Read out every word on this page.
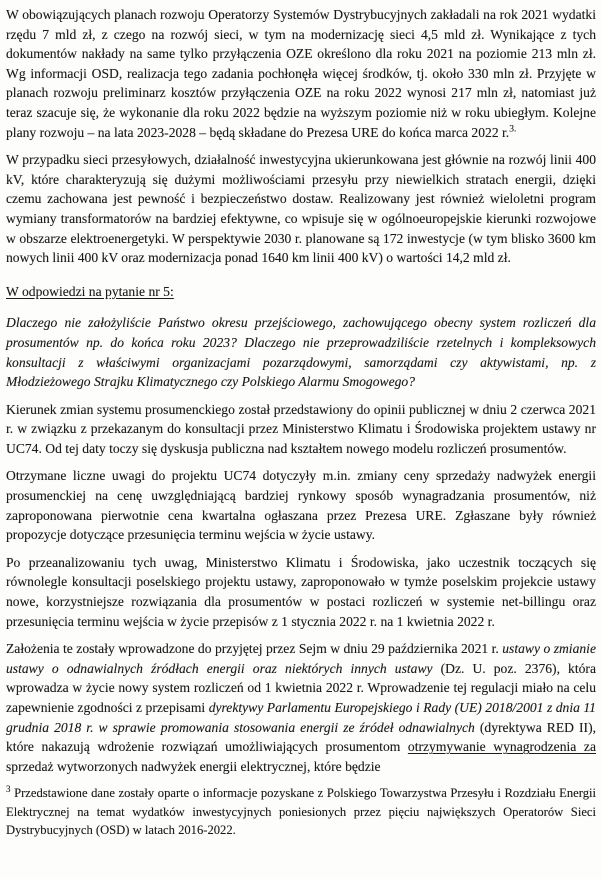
W obowiązujących planach rozwoju Operatorzy Systemów Dystrybucyjnych zakładali na rok 2021 wydatki rzędu 7 mld zł, z czego na rozwój sieci, w tym na modernizację sieci 4,5 mld zł. Wynikające z tych dokumentów nakłady na same tylko przyłączenia OZE określono dla roku 2021 na poziomie 213 mln zł. Wg informacji OSD, realizacja tego zadania pochłonęła więcej środków, tj. około 330 mln zł. Przyjęte w planach rozwoju preliminarz kosztów przyłączenia OZE na roku 2022 wynosi 217 mln zł, natomiast już teraz szacuje się, że wykonanie dla roku 2022 będzie na wyższym poziomie niż w roku ubiegłym. Kolejne plany rozwoju – na lata 2023-2028 – będą składane do Prezesa URE do końca marca 2022 r.$^{3.}$

W przypadku sieci przesyłowych, działalność inwestycyjna ukierunkowana jest głównie na rozwój linii 400 kV, które charakteryzują się dużymi możliwościami przesyłu przy niewielkich stratach energii, dzięki czemu zachowana jest pewność i bezpieczeństwo dostaw. Realizowany jest również wieloletni program wymiany transformatorów na bardziej efektywne, co wpisuje się w ogólnoeuropejskie kierunki rozwojowe w obszarze elektroenergetyki. W perspektywie 2030 r. planowane są 172 inwestycje (w tym blisko 3600 km nowych linii 400 kV oraz modernizacja ponad 1640 km linii 400 kV) o wartości 14,2 mld zł.

W odpowiedzi na pytanie nr 5:

Dlaczego nie założyliście Państwo okresu przejściowego, zachowującego obecny system rozliczeń dla prosumentów np. do końca roku 2023? Dlaczego nie przeprowadziliście rzetelnych i kompleksowych konsultacji z właściwymi organizacjami pozarządowymi, samorządami czy aktywistami, np. z Młodzieżowego Strajku Klimatycznego czy Polskiego Alarmu Smogowego?

Kierunek zmian systemu prosumenckiego został przedstawiony do opinii publicznej w dniu 2 czerwca 2021 r. w związku z przekazanym do konsultacji przez Ministerstwo Klimatu i Środowiska projektem ustawy nr UC74. Od tej daty toczy się dyskusja publiczna nad kształtem nowego modelu rozliczeń prosumentów.

Otrzymane liczne uwagi do projektu UC74 dotyczyły m.in. zmiany ceny sprzedaży nadwyżek energii prosumenckiej na cenę uwzględniającą bardziej rynkowy sposób wynagradzania prosumentów, niż zaproponowana pierwotnie cena kwartalna ogłaszana przez Prezesa URE. Zgłaszane były również propozycje dotyczące przesunięcia terminu wejścia w życie ustawy.

Po przeanalizowaniu tych uwag, Ministerstwo Klimatu i Środowiska, jako uczestnik toczących się równolegle konsultacji poselskiego projektu ustawy, zaproponowało w tymże poselskim projekcie ustawy nowe, korzystniejsze rozwiązania dla prosumentów w postaci rozliczeń w systemie net-billingu oraz przesunięcia terminu wejścia w życie przepisów z 1 stycznia 2022 r. na 1 kwietnia 2022 r.

Założenia te zostały wprowadzone do przyjętej przez Sejm w dniu 29 października 2021 r. ustawy o zmianie ustawy o odnawialnych źródłach energii oraz niektórych innych ustawy (Dz. U. poz. 2376), która wprowadza w życie nowy system rozliczeń od 1 kwietnia 2022 r. Wprowadzenie tej regulacji miało na celu zapewnienie zgodności z przepisami dyrektywy Parlamentu Europejskiego i Rady (UE) 2018/2001 z dnia 11 grudnia 2018 r. w sprawie promowania stosowania energii ze źródeł odnawialnych (dyrektywa RED II), które nakazują wdrożenie rozwiązań umożliwiających prosumentom otrzymywanie wynagrodzenia za sprzedaż wytworzonych nadwyżek energii elektrycznej, które będzie

$^3$ Przedstawione dane zostały oparte o informacje pozyskane z Polskiego Towarzystwa Przesyłu i Rozdziału Energii Elektrycznej na temat wydatków inwestycyjnych poniesionych przez pięciu największych Operatorów Sieci Dystrybucyjnych (OSD) w latach 2016-2022.
